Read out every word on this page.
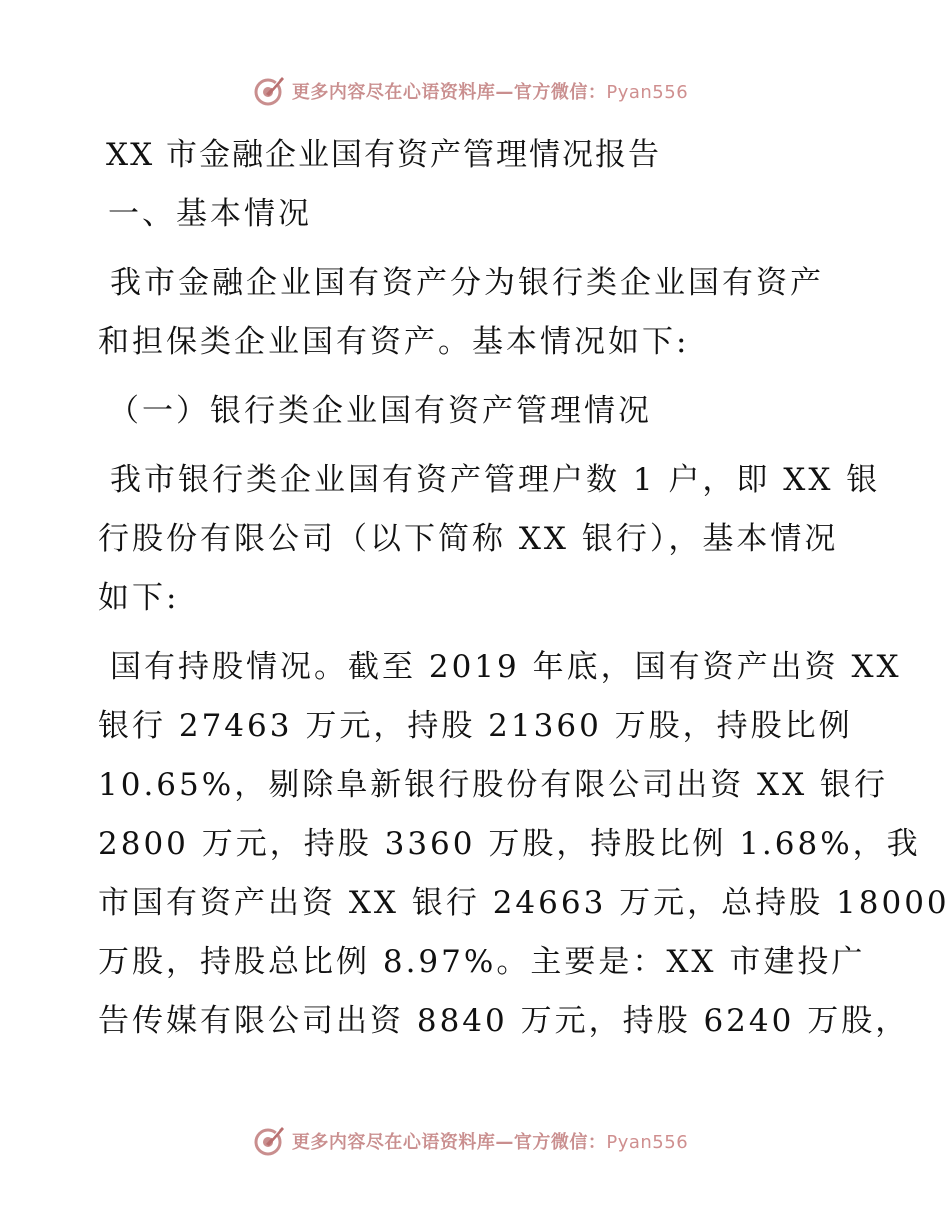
更多内容尽在心语资料库—官方微信：Pyan556
XX 市金融企业国有资产管理情况报告
一、基本情况
我市金融企业国有资产分为银行类企业国有资产
和担保类企业国有资产。基本情况如下:
（一）银行类企业国有资产管理情况
我市银行类企业国有资产管理户数 1 户，即 XX 银
行股份有限公司（以下简称 XX 银行），基本情况
如下:
国有持股情况。截至 2019 年底，国有资产出资 XX
银行 27463 万元，持股 21360 万股，持股比例
10.65%，剔除阜新银行股份有限公司出资 XX 银行
2800 万元，持股 3360 万股，持股比例 1.68%，我
市国有资产出资 XX 银行 24663 万元，总持股 18000
万股，持股总比例 8.97%。主要是：XX 市建投广
告传媒有限公司出资 8840 万元，持股 6240 万股，
更多内容尽在心语资料库—官方微信：Pyan556
